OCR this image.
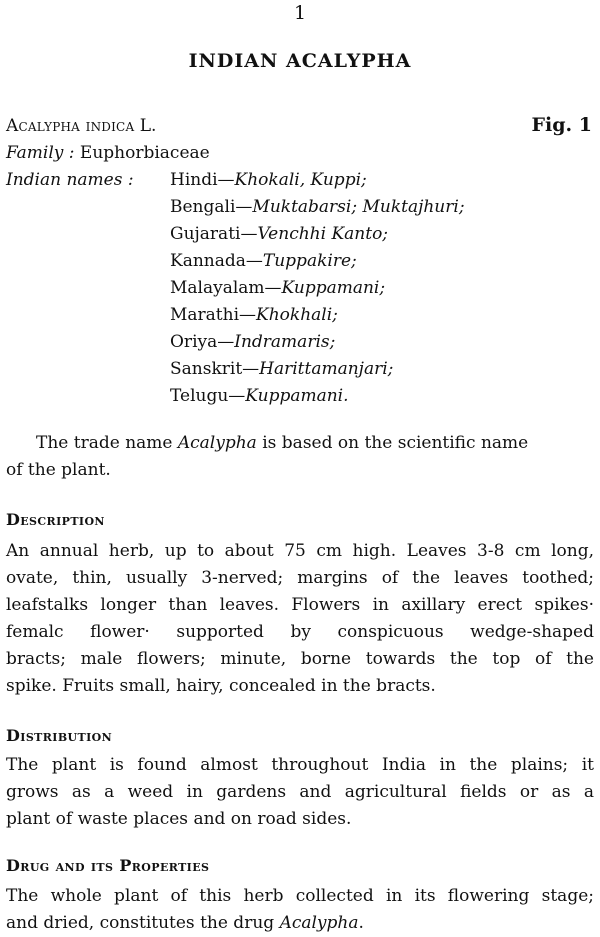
1
INDIAN ACALYPHA
Acalypha indica L.	Fig. 1
Family : Euphorbiaceae
Indian names : Hindi—Khokali, Kuppi;
Bengali—Muktabarsi; Muktajhuri;
Gujarati—Venchhi Kanto;
Kannada—Tuppakire;
Malayalam—Kuppamani;
Marathi—Khokhali;
Oriya—Indramaris;
Sanskrit—Harittamanjari;
Telugu—Kuppamani.
The trade name Acalypha is based on the scientific name
of the plant.
Description
An annual herb, up to about 75 cm high. Leaves 3-8 cm long,
ovate, thin, usually 3-nerved; margins of the leaves toothed;
leafstalks longer than leaves. Flowers in axillary erect spikes·
femalc flower· supported by conspicuous wedge-shaped
bracts; male flowers; minute, borne towards the top of the
spike. Fruits small, hairy, concealed in the bracts.
Distribution
The plant is found almost throughout India in the plains; it
grows as a weed in gardens and agricultural fields or as a
plant of waste places and on road sides.
Drug and its Properties
The whole plant of this herb collected in its flowering stage;
and dried, constitutes the drug Acalypha.
